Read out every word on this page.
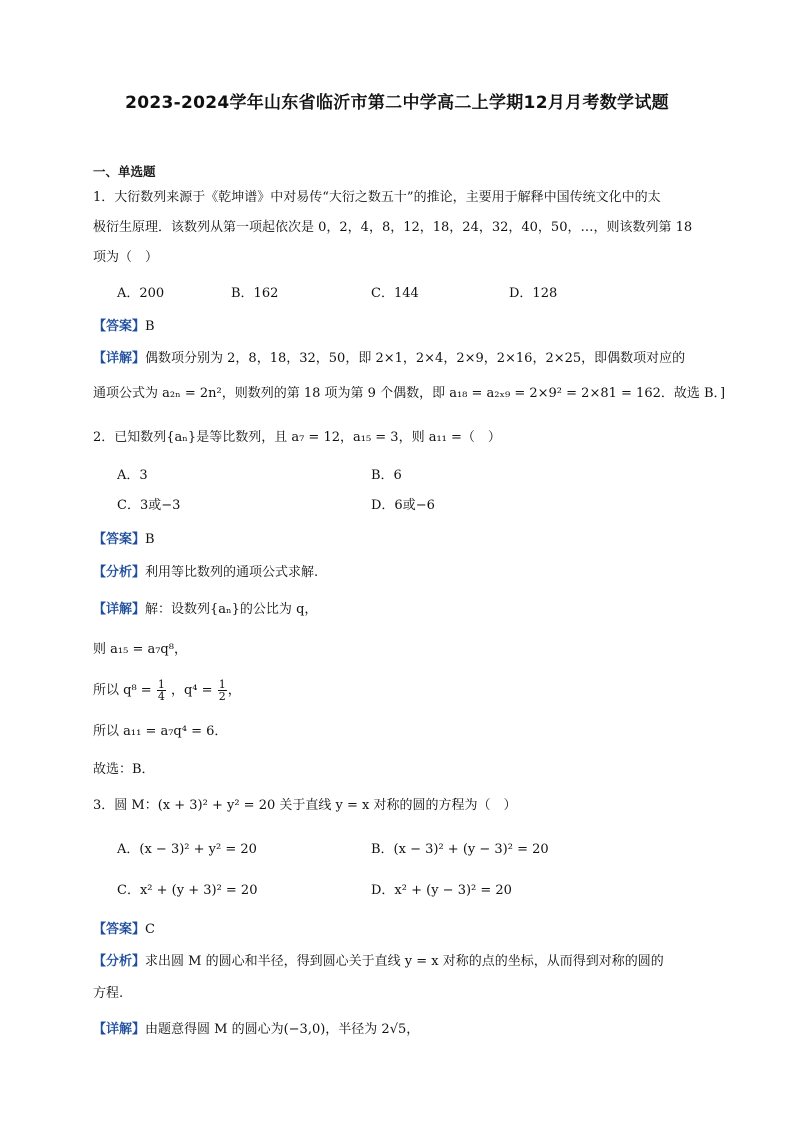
2023-2024学年山东省临沂市第二中学高二上学期12月月考数学试题
一、单选题
1．大衍数列来源于《乾坤谱》中对易传“大衍之数五十”的推论，主要用于解释中国传统文化中的太
极衍生原理．该数列从第一项起依次是 0，2，4，8，12，18，24，32，40，50，…，则该数列第 18
项为（　）
A．200	B．162	C．144	D．128
【答案】B
【详解】偶数项分别为 2，8，18，32，50，即 2×1，2×4，2×9，2×16，2×25，即偶数项对应的
通项公式为 a₂ₙ = 2n²，则数列的第 18 项为第 9 个偶数，即 a₁₈ = a₂ₓ₉ = 2×9² = 2×81 = 162．故选 B．]
2．已知数列{aₙ}是等比数列，且 a₇ = 12，a₁₅ = 3，则 a₁₁ =（　）
A．3	B．6
C．3或−3	D．6或−6
【答案】B
【分析】利用等比数列的通项公式求解.
【详解】解：设数列{aₙ}的公比为 q，
则 a₁₅ = a₇q⁸，
所以 $q^8 = \frac{1}{4}$ ，$q^4 = \frac{1}{2}$ ，
所以 a₁₁ = a₇q⁴ = 6．
故选：B．
3．圆 M：(x + 3)² + y² = 20 关于直线 y = x 对称的圆的方程为（　）
A．(x − 3)² + y² = 20	B．(x − 3)² + (y − 3)² = 20
C．x² + (y + 3)² = 20	D．x² + (y − 3)² = 20
【答案】C
【分析】求出圆 M 的圆心和半径，得到圆心关于直线 y = x 对称的点的坐标，从而得到对称的圆的
方程.
【详解】由题意得圆 M 的圆心为(−3,0)，半径为 2√5，
